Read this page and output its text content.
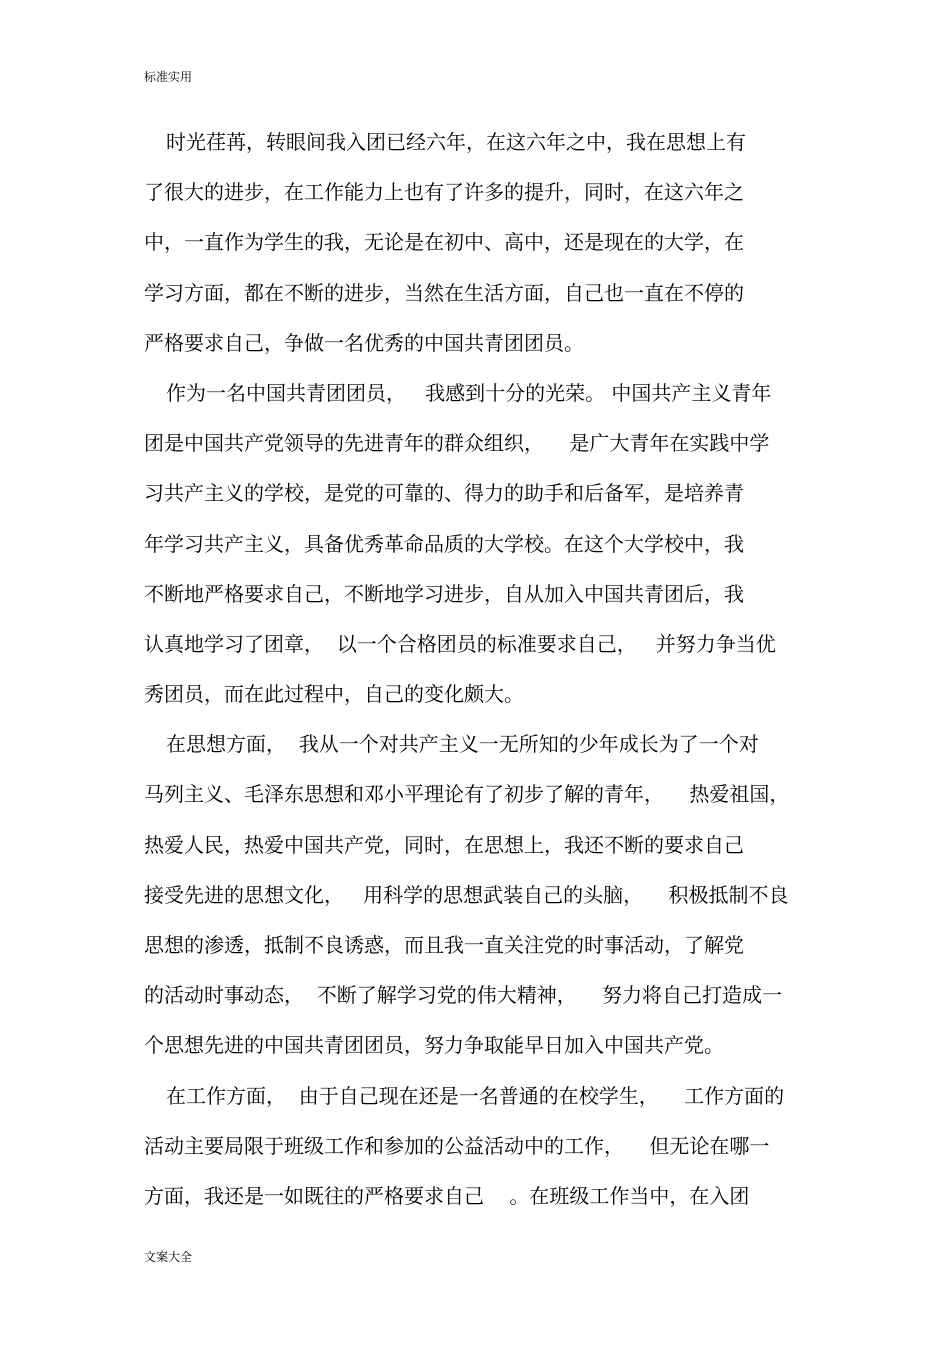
标准实用
时光荏苒，转眼间我入团已经六年，在这六年之中，我在思想上有
了很大的进步，在工作能力上也有了许多的提升，同时，在这六年之
中，一直作为学生的我，无论是在初中、高中，还是现在的大学，在
学习方面，都在不断的进步，当然在生活方面，自己也一直在不停的
严格要求自己，争做一名优秀的中国共青团团员。
作为一名中国共青团团员，   我感到十分的光荣。 中国共产主义青年
团是中国共产党领导的先进青年的群众组织，    是广大青年在实践中学
习共产主义的学校，是党的可靠的、得力的助手和后备军，是培养青
年学习共产主义，具备优秀革命品质的大学校。在这个大学校中，我
不断地严格要求自己，不断地学习进步，自从加入中国共青团后，我
认真地学习了团章，  以一个合格团员的标准要求自己，   并努力争当优
秀团员，而在此过程中，自己的变化颇大。
在思想方面，  我从一个对共产主义一无所知的少年成长为了一个对
马列主义、毛泽东思想和邓小平理论有了初步了解的青年，    热爱祖国，
热爱人民，热爱中国共产党，同时，在思想上，我还不断的要求自己
接受先进的思想文化，   用科学的思想武装自己的头脑，    积极抵制不良
思想的渗透，抵制不良诱惑，而且我一直关注党的时事活动，了解党
的活动时事动态，  不断了解学习党的伟大精神，    努力将自己打造成一
个思想先进的中国共青团团员，努力争取能早日加入中国共产党。
在工作方面，  由于自己现在还是一名普通的在校学生，    工作方面的
活动主要局限于班级工作和参加的公益活动中的工作，    但无论在哪一
方面，我还是一如既往的严格要求自己    。在班级工作当中，在入团
文案大全
